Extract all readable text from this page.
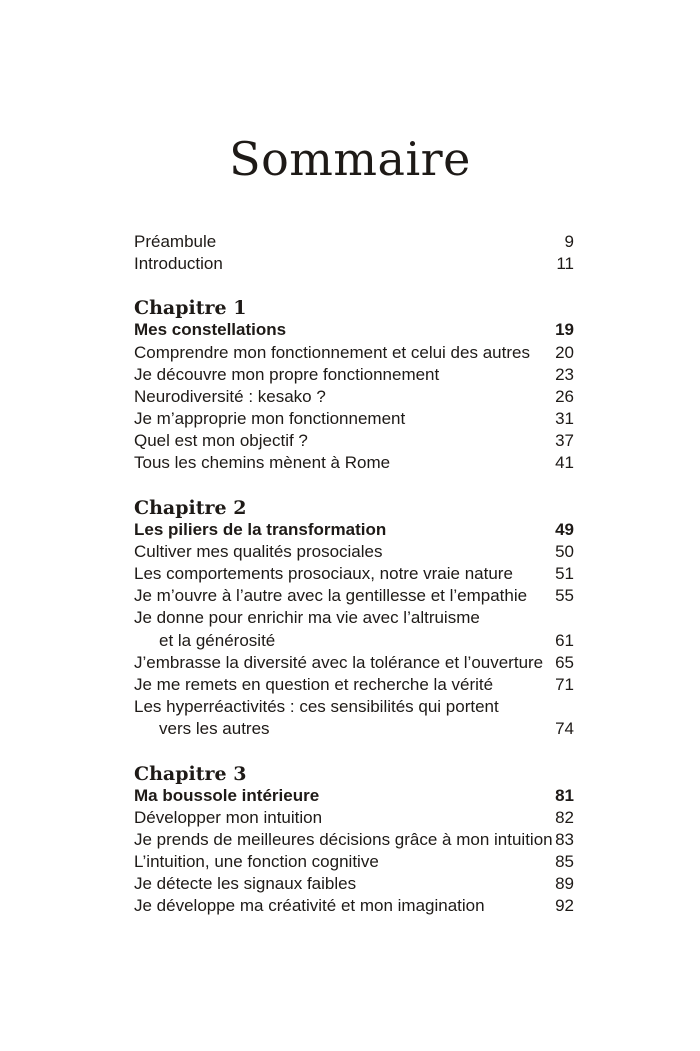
Sommaire
Préambule	9
Introduction	11
Chapitre 1
Mes constellations	19
Comprendre mon fonctionnement et celui des autres 20
Je découvre mon propre fonctionnement	23
Neurodiversité : kesako ?	26
Je m’approprie mon fonctionnement	31
Quel est mon objectif ?	37
Tous les chemins mènent à Rome	41
Chapitre 2
Les piliers de la transformation	49
Cultiver mes qualités prosociales	50
Les comportements prosociaux, notre vraie nature 51
Je m’ouvre à l’autre avec la gentillesse et l’empathie 55
Je donne pour enrichir ma vie avec l’altruisme
et la générosité	61
J’embrasse la diversité avec la tolérance et l’ouverture 65
Je me remets en question et recherche la vérité	71
Les hyperréactivités : ces sensibilités qui portent
vers les autres	74
Chapitre 3
Ma boussole intérieure	81
Développer mon intuition	82
Je prends de meilleures décisions grâce à mon intuition 83
L’intuition, une fonction cognitive	85
Je détecte les signaux faibles	89
Je développe ma créativité et mon imagination	92
